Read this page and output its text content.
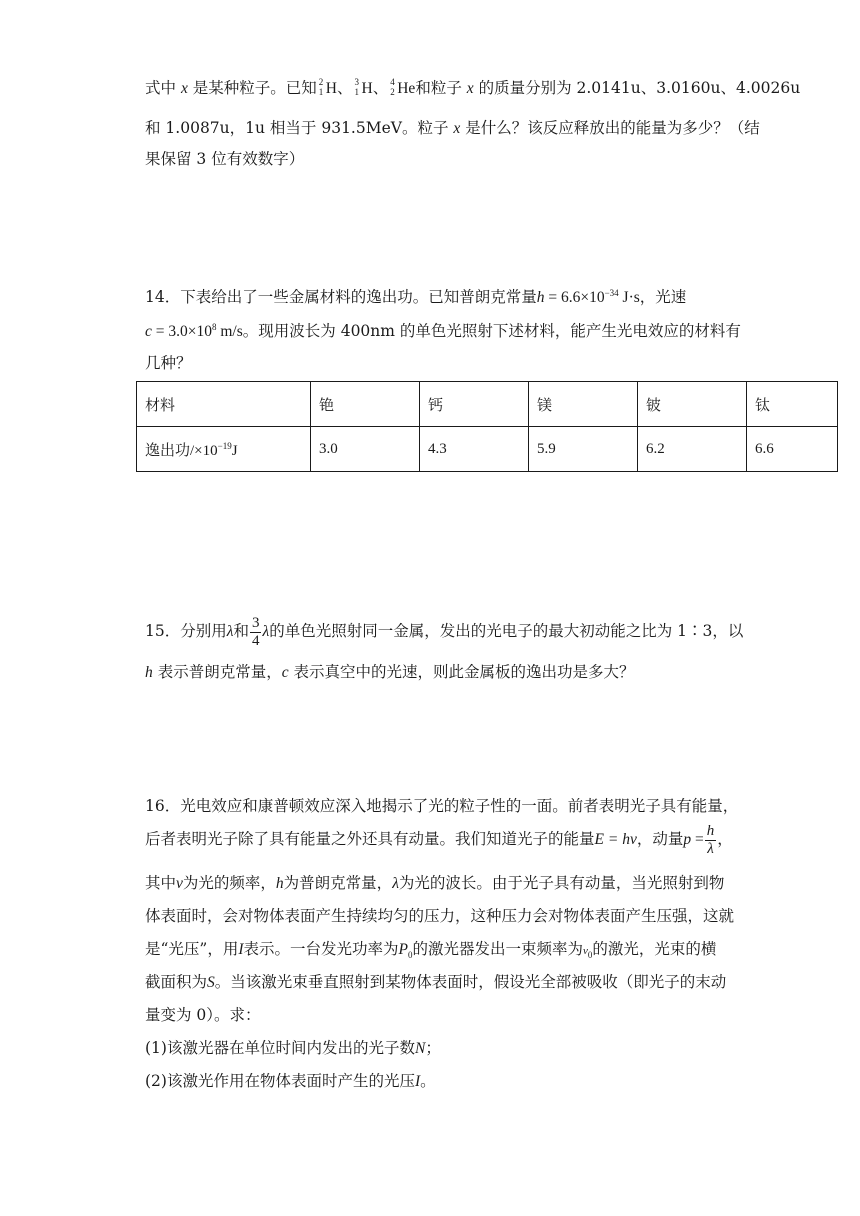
式中 x 是某种粒子。已知 2
1 H、 3
1 H、 4
2 He和粒子 x 的质量分别为 2.0141u、3.0160u、4.0026u
和 1.0087u，1u 相当于 931.5MeV。粒子 x 是什么？该反应释放出的能量为多少？（结
果保留 3 位有效数字）
14．下表给出了一些金属材料的逸出功。已知普朗克常量$h = 6.6\times 10^{-34}$ J·s，光速
$c = 3.0\times 10^8$ m/s。现用波长为 400nm 的单色光照射下述材料，能产生光电效应的材料有
几种？
材料	铯	钙	镁	铍	钛
逸出功$/\times 10^{-19}J$	3.0	4.3	5.9	6.2	6.6
15．分别用λ和 $\frac{3}{4}$ λ的单色光照射同一金属，发出的光电子的最大初动能之比为 1∶3，以
h 表示普朗克常量，c 表示真空中的光速，则此金属板的逸出功是多大？
16．光电效应和康普顿效应深入地揭示了光的粒子性的一面。前者表明光子具有能量，
后者表明光子除了具有能量之外还具有动量。我们知道光子的能量E = hν，动量$p = \frac{h}{\lambda}$ ，
其中ν为光的频率，h为普朗克常量，λ为光的波长。由于光子具有动量，当光照射到物
体表面时，会对物体表面产生持续均匀的压力，这种压力会对物体表面产生压强，这就
是“光压”，用I表示。一台发光功率为$P_0$的激光器发出一束频率为$\nu_0$的激光，光束的横
截面积为S。当该激光束垂直照射到某物体表面时，假设光全部被吸收（即光子的末动
量变为 0）。求：
(1)该激光器在单位时间内发出的光子数N；
(2)该激光作用在物体表面时产生的光压I。
